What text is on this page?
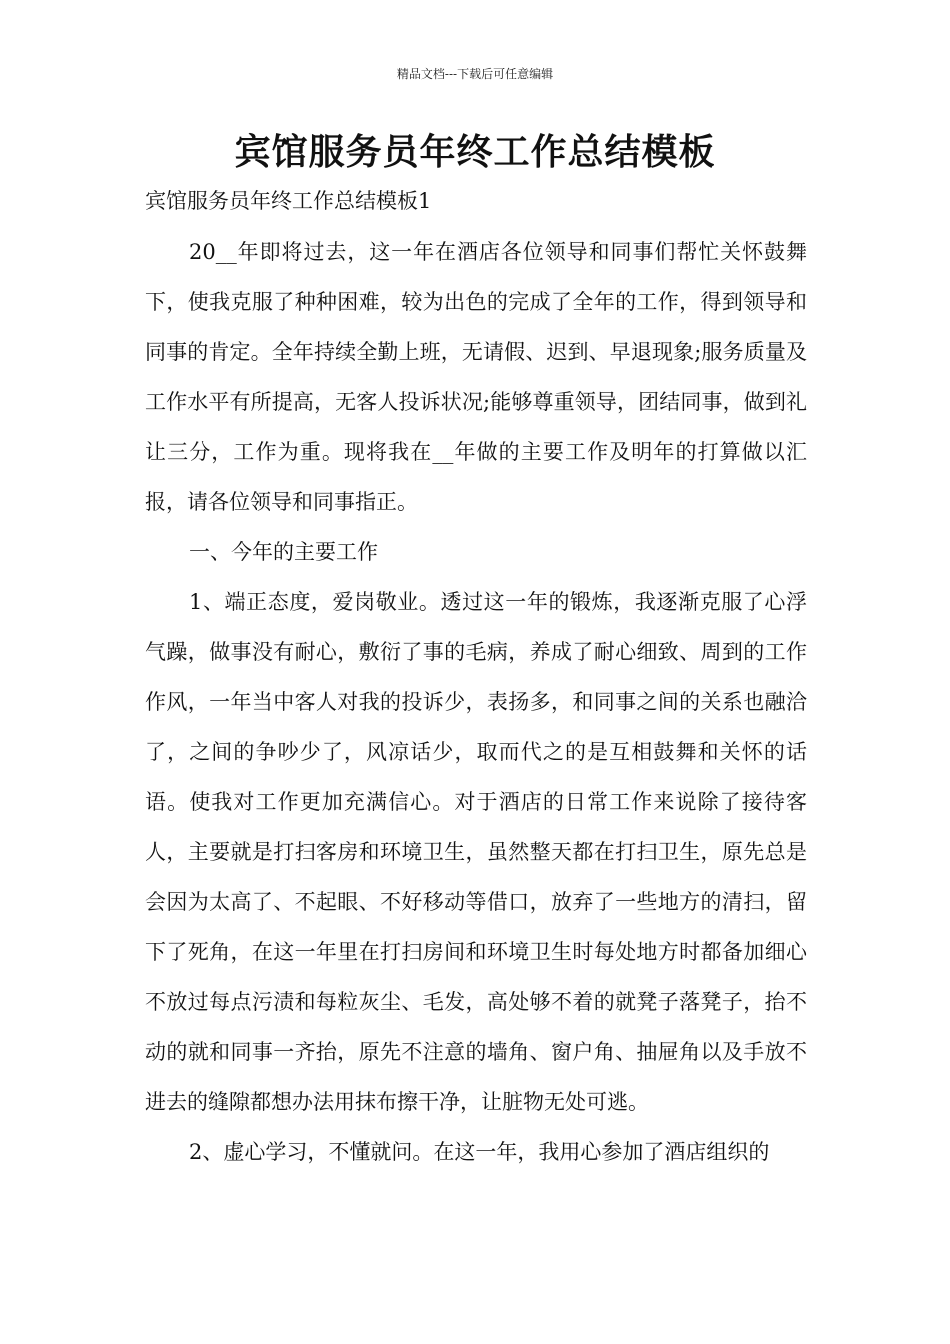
精品文档---下载后可任意编辑
宾馆服务员年终工作总结模板

宾馆服务员年终工作总结模板1

20__年即将过去，这一年在酒店各位领导和同事们帮忙关怀鼓舞下，使我克服了种种困难，较为出色的完成了全年的工作，得到领导和同事的肯定。全年持续全勤上班，无请假、迟到、早退现象;服务质量及工作水平有所提高，无客人投诉状况;能够尊重领导，团结同事，做到礼让三分，工作为重。现将我在__年做的主要工作及明年的打算做以汇报，请各位领导和同事指正。

一、今年的主要工作

1、端正态度，爱岗敬业。透过这一年的锻炼，我逐渐克服了心浮气躁，做事没有耐心，敷衍了事的毛病，养成了耐心细致、周到的工作作风，一年当中客人对我的投诉少，表扬多，和同事之间的关系也融洽了，之间的争吵少了，风凉话少，取而代之的是互相鼓舞和关怀的话语。使我对工作更加充满信心。对于酒店的日常工作来说除了接待客人，主要就是打扫客房和环境卫生，虽然整天都在打扫卫生，原先总是会因为太高了、不起眼、不好移动等借口，放弃了一些地方的清扫，留下了死角，在这一年里在打扫房间和环境卫生时每处地方时都备加细心不放过每点污渍和每粒灰尘、毛发，高处够不着的就凳子落凳子，抬不动的就和同事一齐抬，原先不注意的墙角、窗户角、抽屉角以及手放不进去的缝隙都想办法用抹布擦干净，让脏物无处可逃。

2、虚心学习，不懂就问。在这一年，我用心参加了酒店组织的
